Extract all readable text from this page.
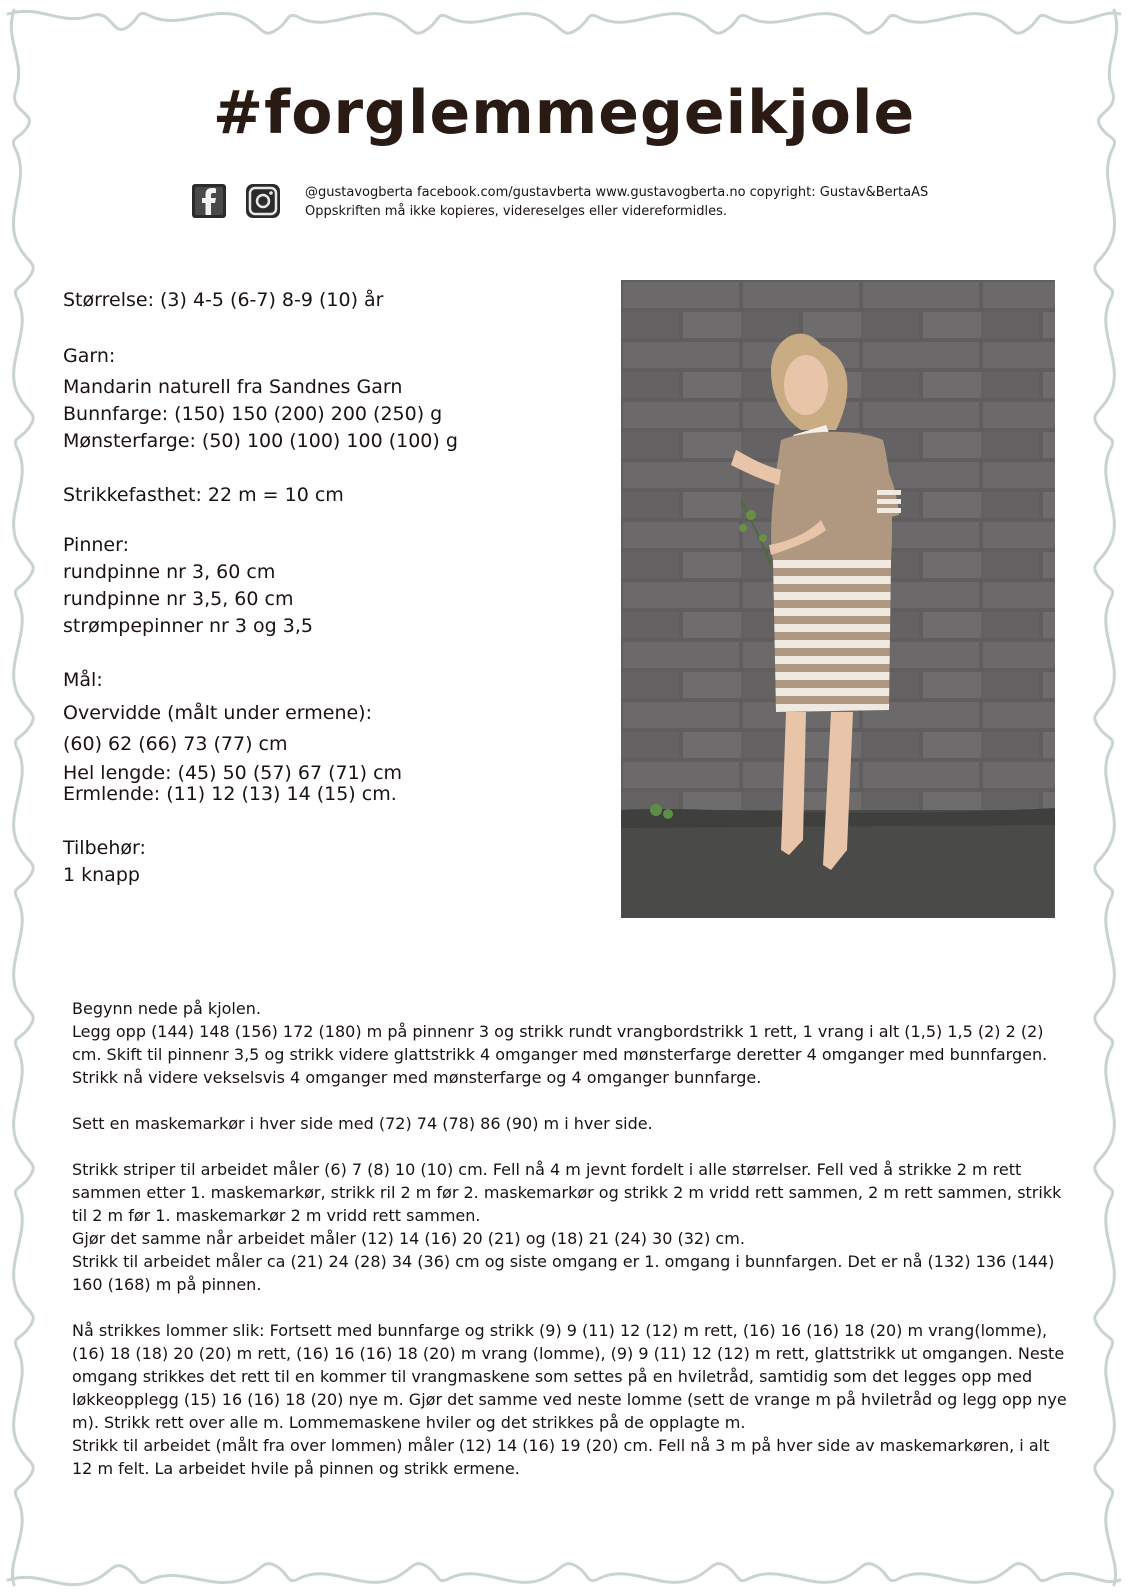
#forglemmegeikjole
@gustavogberta facebook.com/gustavberta www.gustavogberta.no copyright: Gustav&BertaAS
Oppskriften må ikke kopieres, videreselges eller videreformidles.
Størrelse: (3) 4-5 (6-7) 8-9 (10) år
Garn:
Mandarin naturell fra Sandnes Garn
Bunnfarge: (150) 150 (200) 200 (250) g
Mønsterfarge: (50) 100 (100) 100 (100) g
Strikkefasthet: 22 m = 10 cm
Pinner:
rundpinne nr 3, 60 cm
rundpinne nr 3,5, 60 cm
strømpepinner nr 3 og 3,5
Mål:
Overvidde (målt under ermene):
(60) 62 (66) 73 (77) cm
Hel lengde: (45) 50 (57) 67 (71) cm
Ermlende: (11) 12 (13) 14 (15) cm.
Tilbehør:
1 knapp

Begynn nede på kjolen.

Legg opp (144) 148 (156) 172 (180) m på pinnenr 3 og strikk rundt vrangbordstrikk 1 rett, 1 vrang i alt (1,5) 1,5 (2) 2 (2) cm. Skift til pinnenr 3,5 og strikk videre glattstrikk 4 omganger med mønsterfarge deretter 4 omganger med bunnfargen. Strikk nå videre vekselsvis 4 omganger med mønsterfarge og 4 omganger bunnfarge.

Sett en maskemarkør i hver side med (72) 74 (78) 86 (90) m i hver side.

Strikk striper til arbeidet måler (6) 7 (8) 10 (10) cm. Fell nå 4 m jevnt fordelt i alle størrelser. Fell ved å strikke 2 m rett sammen etter 1. maskemarkør, strikk ril 2 m før 2. maskemarkør og strikk 2 m vridd rett sammen, 2 m rett sammen, strikk til 2 m før 1. maskemarkør 2 m vridd rett sammen.

Gjør det samme når arbeidet måler (12) 14 (16) 20 (21) og (18) 21 (24) 30 (32) cm.

Strikk til arbeidet måler ca (21) 24 (28) 34 (36) cm og siste omgang er 1. omgang i bunnfargen. Det er nå (132) 136 (144) 160 (168) m på pinnen.

Nå strikkes lommer slik: Fortsett med bunnfarge og strikk (9) 9 (11) 12 (12) m rett, (16) 16 (16) 18 (20) m vrang(lomme), (16) 18 (18) 20 (20) m rett, (16) 16 (16) 18 (20) m vrang (lomme), (9) 9 (11) 12 (12) m rett, glattstrikk ut omgangen. Neste omgang strikkes det rett til en kommer til vrangmaskene som settes på en hviletråd, samtidig som det legges opp med løkkeopplegg (15) 16 (16) 18 (20) nye m. Gjør det samme ved neste lomme (sett de vrange m på hviletråd og legg opp nye m). Strikk rett over alle m. Lommemaskene hviler og det strikkes på de opplagte m.

Strikk til arbeidet (målt fra over lommen) måler (12) 14 (16) 19 (20) cm. Fell nå 3 m på hver side av maskemarkøren, i alt 12 m felt. La arbeidet hvile på pinnen og strikk ermene.
